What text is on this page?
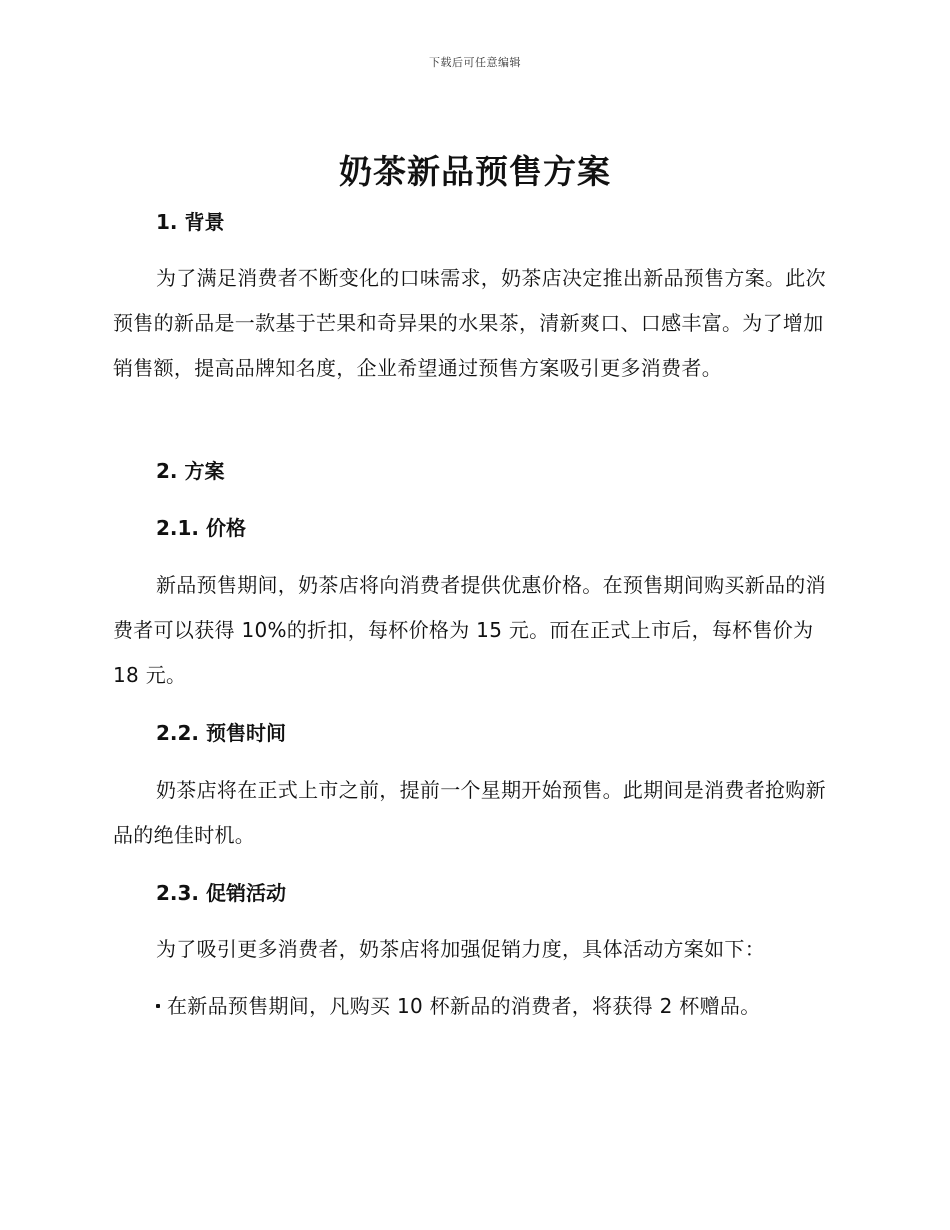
下载后可任意编辑
奶茶新品预售方案
1. 背景

为了满足消费者不断变化的口味需求，奶茶店决定推出新品预售方案。此次预售的新品是一款基于芒果和奇异果的水果茶，清新爽口、口感丰富。为了增加销售额，提高品牌知名度，企业希望通过预售方案吸引更多消费者。

2. 方案
2.1. 价格

新品预售期间，奶茶店将向消费者提供优惠价格。在预售期间购买新品的消费者可以获得 10%的折扣，每杯价格为 15 元。而在正式上市后，每杯售价为 18 元。

2.2. 预售时间

奶茶店将在正式上市之前，提前一个星期开始预售。此期间是消费者抢购新品的绝佳时机。

2.3. 促销活动

为了吸引更多消费者，奶茶店将加强促销力度，具体活动方案如下：

在新品预售期间，凡购买 10 杯新品的消费者，将获得 2 杯赠品。
